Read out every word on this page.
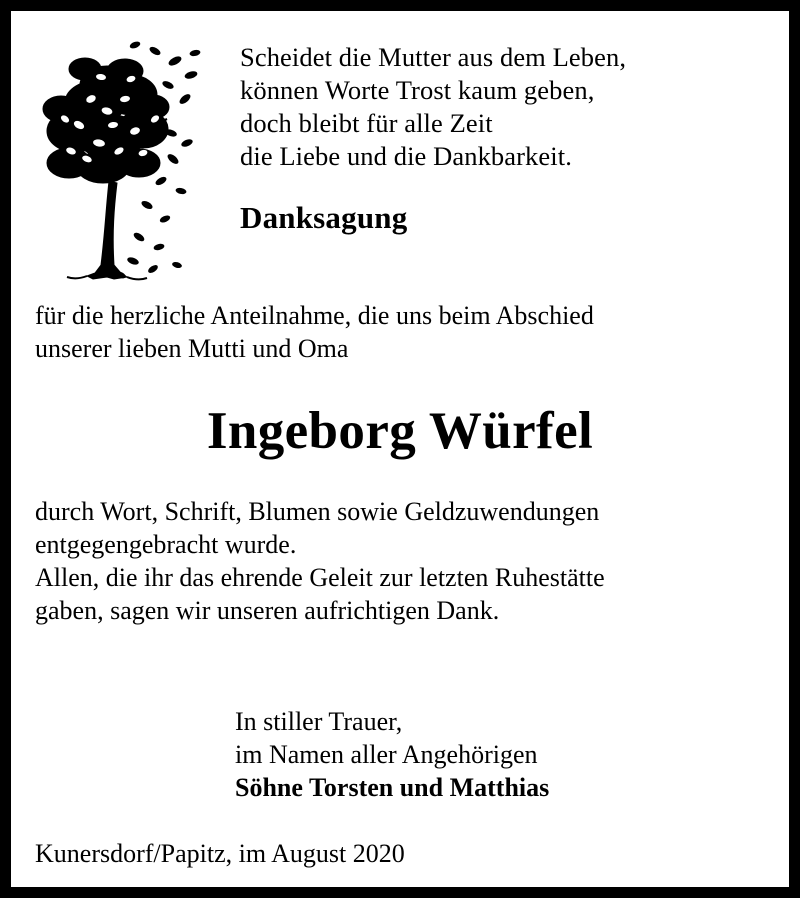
Scheidet die Mutter aus dem Leben,
können Worte Trost kaum geben,
doch bleibt für alle Zeit
die Liebe und die Dankbarkeit.
Danksagung
für die herzliche Anteilnahme, die uns beim Abschied
unserer lieben Mutti und Oma
Ingeborg Würfel
durch Wort, Schrift, Blumen sowie Geldzuwendungen
entgegengebracht wurde.
Allen, die ihr das ehrende Geleit zur letzten Ruhestätte
gaben, sagen wir unseren aufrichtigen Dank.
In stiller Trauer,
im Namen aller Angehörigen
Söhne Torsten und Matthias
Kunersdorf/Papitz, im August 2020
